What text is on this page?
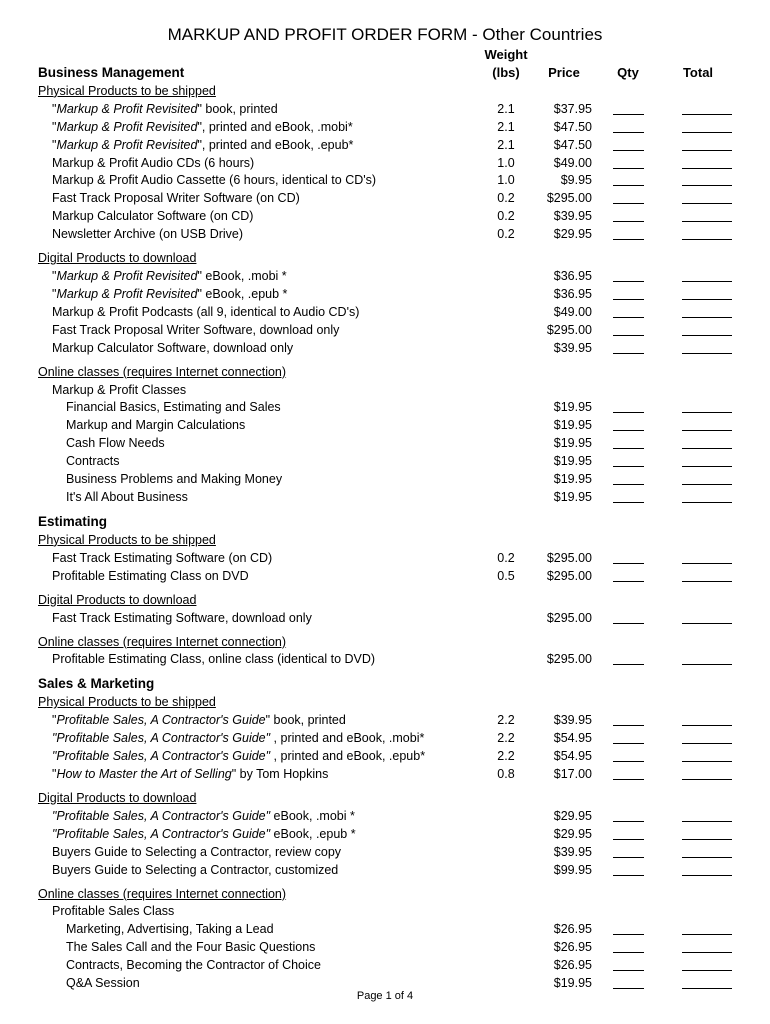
MARKUP AND PROFIT ORDER FORM - Other Countries
Weight
(lbs)	Price	Qty	Total
Business Management
Physical Products to be shipped
"Markup & Profit Revisited" book, printed	2.1	$37.95
"Markup & Profit Revisited", printed and eBook, .mobi*	2.1	$47.50
"Markup & Profit Revisited", printed and eBook, .epub*	2.1	$47.50
Markup & Profit Audio CDs (6 hours)	1.0	$49.00
Markup & Profit Audio Cassette (6 hours, identical to CD's)	1.0	$9.95
Fast Track Proposal Writer Software (on CD)	0.2	$295.00
Markup Calculator Software (on CD)	0.2	$39.95
Newsletter Archive (on USB Drive)	0.2	$29.95
Digital Products to download
"Markup & Profit Revisited" eBook, .mobi *	$36.95
"Markup & Profit Revisited" eBook, .epub *	$36.95
Markup & Profit Podcasts (all 9, identical to Audio CD's)	$49.00
Fast Track Proposal Writer Software, download only	$295.00
Markup Calculator Software, download only	$39.95
Online classes (requires Internet connection)
Markup & Profit Classes
Financial Basics, Estimating and Sales	$19.95
Markup and Margin Calculations	$19.95
Cash Flow Needs	$19.95
Contracts	$19.95
Business Problems and Making Money	$19.95
It's All About Business	$19.95
Estimating
Physical Products to be shipped
Fast Track Estimating Software (on CD)	0.2	$295.00
Profitable Estimating Class on DVD	0.5	$295.00
Digital Products to download
Fast Track Estimating Software, download only	$295.00
Online classes (requires Internet connection)
Profitable Estimating Class, online class (identical to DVD)	$295.00
Sales & Marketing
Physical Products to be shipped
"Profitable Sales, A Contractor's Guide" book, printed	2.2	$39.95
"Profitable Sales, A Contractor's Guide" , printed and eBook, .mobi*	2.2	$54.95
"Profitable Sales, A Contractor's Guide" , printed and eBook, .epub*	2.2	$54.95
"How to Master the Art of Selling" by Tom Hopkins	0.8	$17.00
Digital Products to download
"Profitable Sales, A Contractor's Guide" eBook, .mobi *	$29.95
"Profitable Sales, A Contractor's Guide" eBook, .epub *	$29.95
Buyers Guide to Selecting a Contractor, review copy	$39.95
Buyers Guide to Selecting a Contractor, customized	$99.95
Online classes (requires Internet connection)
Profitable Sales Class
Marketing, Advertising, Taking a Lead	$26.95
The Sales Call and the Four Basic Questions	$26.95
Contracts, Becoming the Contractor of Choice	$26.95
Q&A Session	$19.95
Page 1 of 4
